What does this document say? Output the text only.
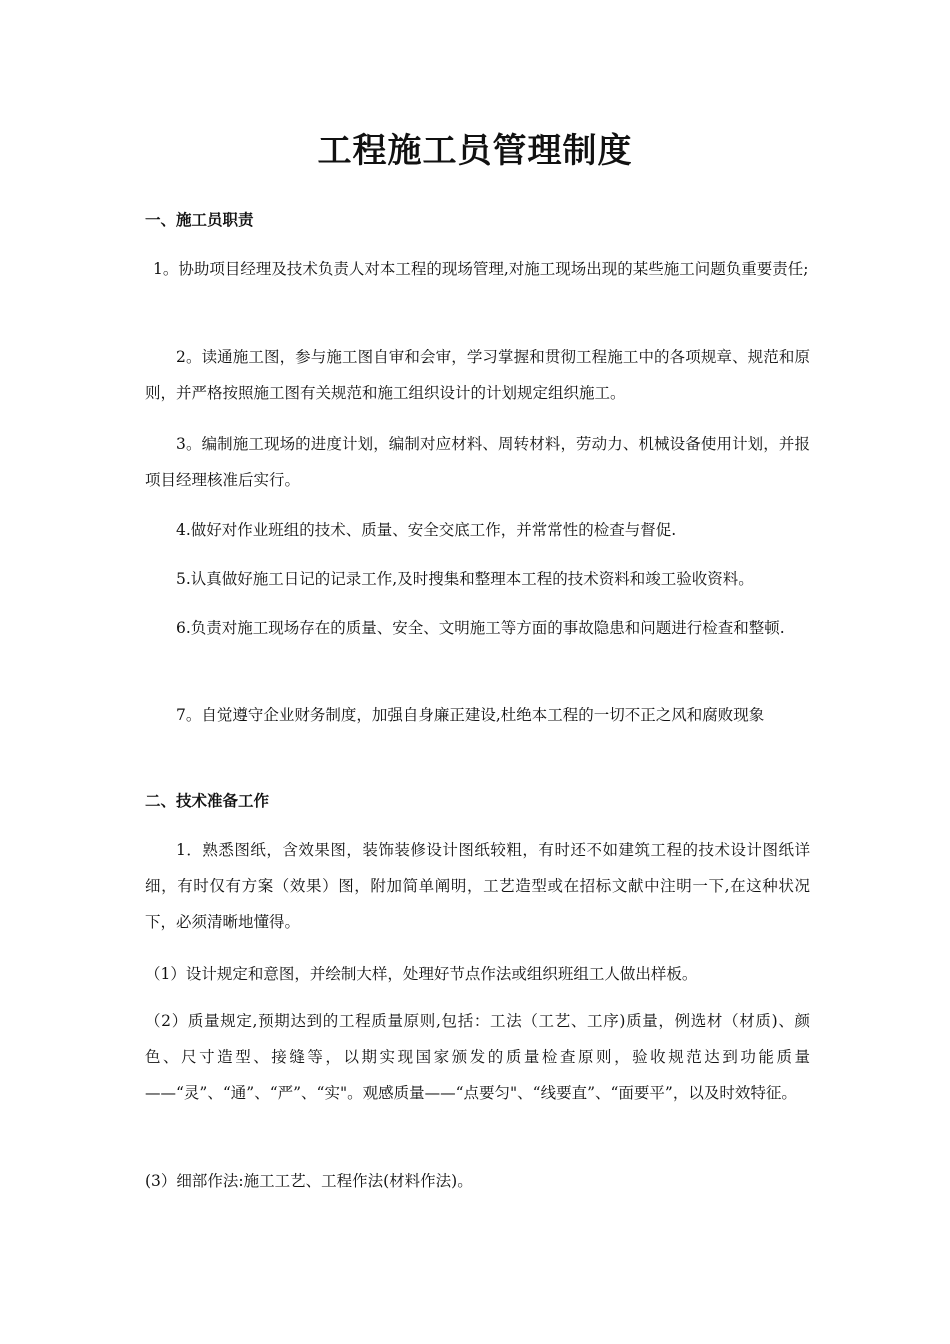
工程施工员管理制度
一、施工员职责

1。协助项目经理及技术负责人对本工程的现场管理,对施工现场出现的某些施工问题负重要责任;

2。读通施工图，参与施工图自审和会审，学习掌握和贯彻工程施工中的各项规章、规范和原则，并严格按照施工图有关规范和施工组织设计的计划规定组织施工。

3。编制施工现场的进度计划，编制对应材料、周转材料，劳动力、机械设备使用计划，并报项目经理核准后实行。

4.做好对作业班组的技术、质量、安全交底工作，并常常性的检查与督促.

5.认真做好施工日记的记录工作,及时搜集和整理本工程的技术资料和竣工验收资料。

6.负责对施工现场存在的质量、安全、文明施工等方面的事故隐患和问题进行检查和整顿.

7。自觉遵守企业财务制度，加强自身廉正建设,杜绝本工程的一切不正之风和腐败现象

二、技术准备工作

1．熟悉图纸，含效果图，装饰装修设计图纸较粗，有时还不如建筑工程的技术设计图纸详细，有时仅有方案（效果）图，附加简单阐明，工艺造型或在招标文献中注明一下,在这种状况下，必须清晰地懂得。

（1）设计规定和意图，并绘制大样，处理好节点作法或组织班组工人做出样板。

（2）质量规定,预期达到的工程质量原则,包括：工法（工艺、工序)质量，例选材（材质)、颜色、尺寸造型、接缝等，以期实现国家颁发的质量检查原则，验收规范达到功能质量——“灵”、“通”、“严”、“实"。观感质量——“点要匀"、“线要直”、“面要平”，以及时效特征。

(3）细部作法:施工工艺、工程作法(材料作法)。
